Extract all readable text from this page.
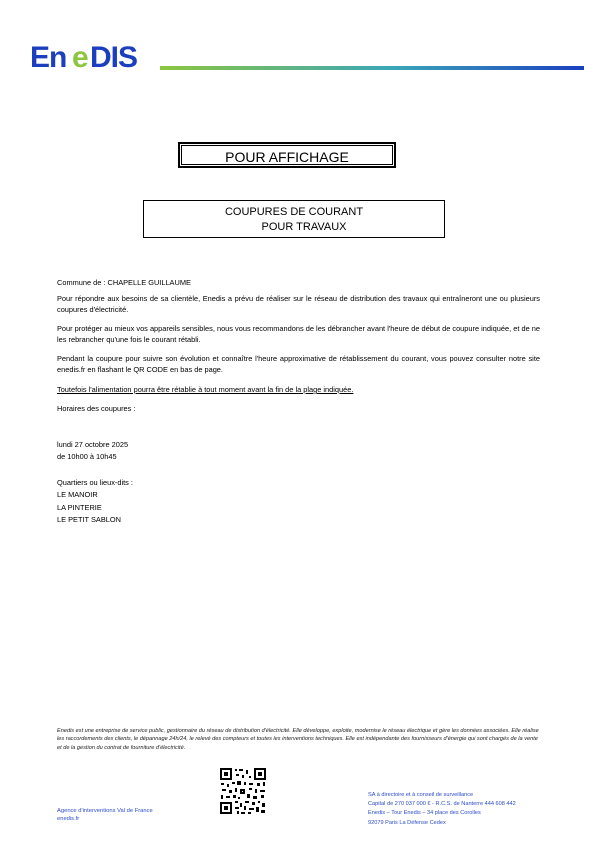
En e DIS
POUR AFFICHAGE
COUPURES DE COURANT
POUR TRAVAUX
Commune de : CHAPELLE GUILLAUME
Pour répondre aux besoins de sa clientèle, Enedis a prévu de réaliser sur le réseau de distribution des travaux qui entraîneront une ou plusieurs coupures d'électricité.
Pour protéger au mieux vos appareils sensibles, nous vous recommandons de les débrancher avant l'heure de début de coupure indiquée, et de ne les rebrancher qu'une fois le courant rétabli.
Pendant la coupure pour suivre son évolution et connaître l'heure approximative de rétablissement du courant, vous pouvez consulter notre site enedis.fr en flashant le QR CODE en bas de page.
Toutefois l'alimentation pourra être rétablie à tout moment avant la fin de la plage indiquée.
Horaires des coupures :
lundi 27 octobre 2025
de 10h00 à 10h45
Quartiers ou lieux-dits :
LE MANOIR
LA PINTERIE
LE PETIT SABLON
Enedis est une entreprise de service public, gestionnaire du réseau de distribution d'électricité. Elle développe, exploite, modernise le réseau électrique et gère les données associées. Elle réalise les raccordements des clients, le dépannage 24h/24, le relevé des compteurs et toutes les interventions techniques. Elle est indépendante des fournisseurs d'énergie qui sont chargés de la vente et de la gestion du contrat de fourniture d'électricité.
Agence d'interventions Val de France
enedis.fr
SA à directoire et à conseil de surveillance
Capital de 270 037 000 € - R.C.S. de Nanterre 444 608 442
Enedis – Tour Enedis – 34 place des Corolles
92079 Paris La Défense Cedex
